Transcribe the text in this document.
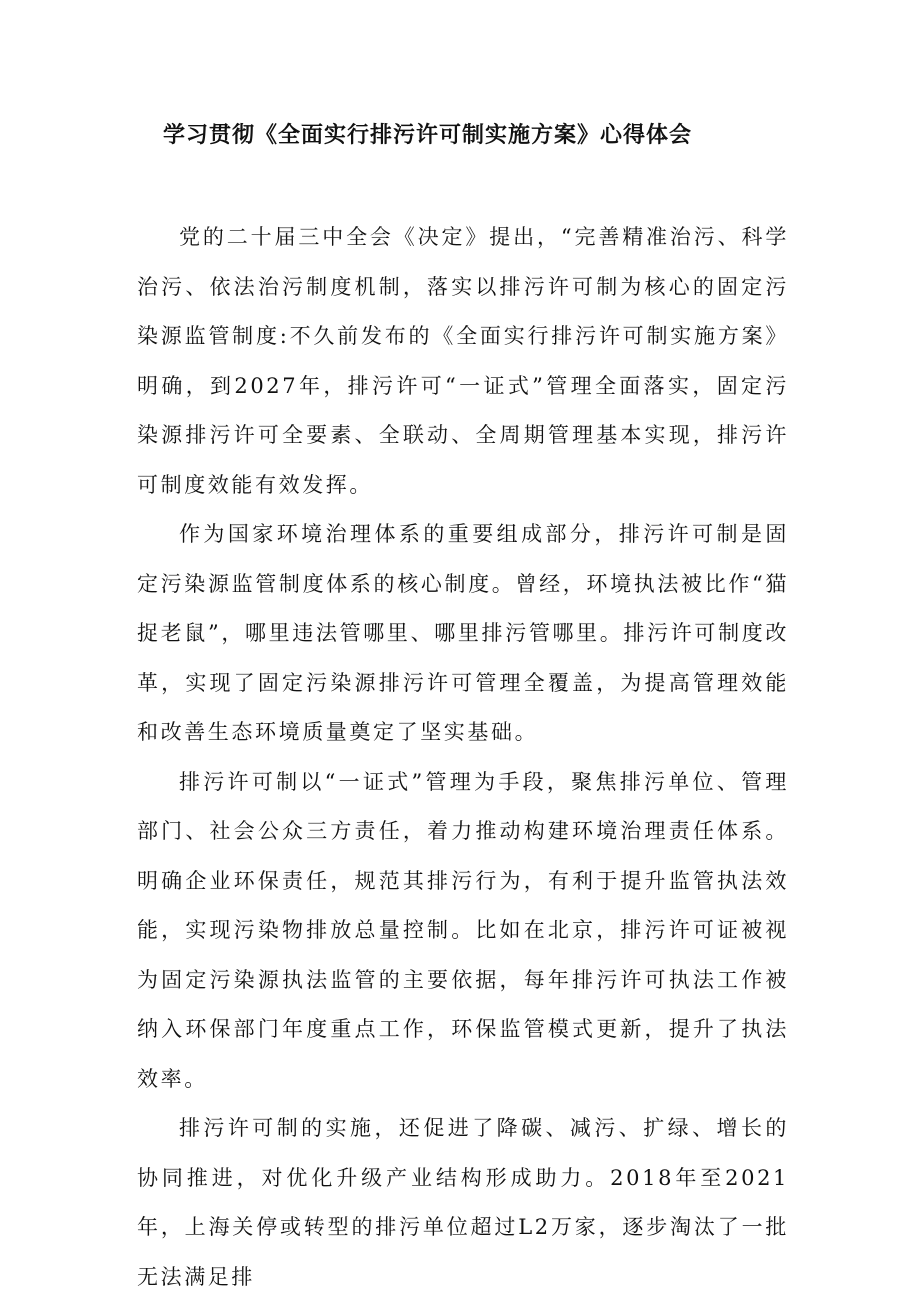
学习贯彻《全面实行排污许可制实施方案》心得体会

党的二十届三中全会《决定》提出，“完善精准治污、科学治污、依法治污制度机制，落实以排污许可制为核心的固定污染源监管制度:不久前发布的《全面实行排污许可制实施方案》明确，到2027年，排污许可“一证式”管理全面落实，固定污染源排污许可全要素、全联动、全周期管理基本实现，排污许可制度效能有效发挥。

作为国家环境治理体系的重要组成部分，排污许可制是固定污染源监管制度体系的核心制度。曾经，环境执法被比作“猫捉老鼠”，哪里违法管哪里、哪里排污管哪里。排污许可制度改革，实现了固定污染源排污许可管理全覆盖，为提高管理效能和改善生态环境质量奠定了坚实基础。

排污许可制以“一证式”管理为手段，聚焦排污单位、管理部门、社会公众三方责任，着力推动构建环境治理责任体系。明确企业环保责任，规范其排污行为，有利于提升监管执法效能，实现污染物排放总量控制。比如在北京，排污许可证被视为固定污染源执法监管的主要依据，每年排污许可执法工作被纳入环保部门年度重点工作，环保监管模式更新，提升了执法效率。

排污许可制的实施，还促进了降碳、减污、扩绿、增长的协同推进，对优化升级产业结构形成助力。2018年至2021年，上海关停或转型的排污单位超过L2万家，逐步淘汰了一批无法满足排
